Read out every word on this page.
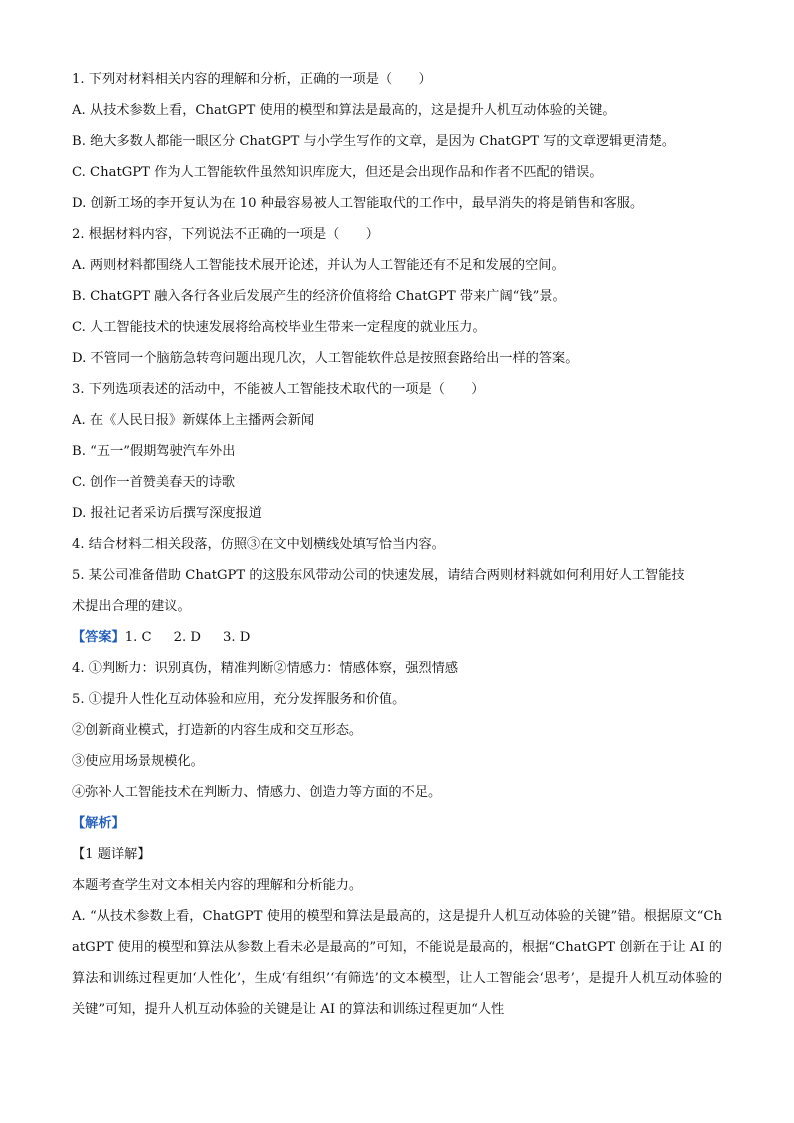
1. 下列对材料相关内容的理解和分析，正确的一项是（　　）
A. 从技术参数上看，ChatGPT 使用的模型和算法是最高的，这是提升人机互动体验的关键。
B. 绝大多数人都能一眼区分 ChatGPT 与小学生写作的文章，是因为 ChatGPT 写的文章逻辑更清楚。
C. ChatGPT 作为人工智能软件虽然知识库庞大，但还是会出现作品和作者不匹配的错误。
D. 创新工场的李开复认为在 10 种最容易被人工智能取代的工作中，最早消失的将是销售和客服。
2. 根据材料内容，下列说法不正确的一项是（　　）
A. 两则材料都围绕人工智能技术展开论述，并认为人工智能还有不足和发展的空间。
B. ChatGPT 融入各行各业后发展产生的经济价值将给 ChatGPT 带来广阔“钱”景。
C. 人工智能技术的快速发展将给高校毕业生带来一定程度的就业压力。
D. 不管同一个脑筋急转弯问题出现几次，人工智能软件总是按照套路给出一样的答案。
3. 下列选项表述的活动中，不能被人工智能技术取代的一项是（　　）
A. 在《人民日报》新媒体上主播两会新闻
B. “五一”假期驾驶汽车外出
C. 创作一首赞美春天的诗歌
D. 报社记者采访后撰写深度报道
4. 结合材料二相关段落，仿照③在文中划横线处填写恰当内容。
5. 某公司准备借助 ChatGPT 的这股东风带动公司的快速发展，请结合两则材料就如何利用好人工智能技
术提出合理的建议。
【答案】1. C 2. D 3. D
4. ①判断力：识别真伪，精准判断②情感力：情感体察，强烈情感
5. ①提升人性化互动体验和应用，充分发挥服务和价值。
②创新商业模式，打造新的内容生成和交互形态。
③使应用场景规模化。
④弥补人工智能技术在判断力、情感力、创造力等方面的不足。
【解析】
【1 题详解】
本题考查学生对文本相关内容的理解和分析能力。
A. “从技术参数上看，ChatGPT 使用的模型和算法是最高的，这是提升人机互动体验的关键”错。根据原文“ChatGPT 使用的模型和算法从参数上看未必是最高的”可知，不能说是最高的，根据“ChatGPT 创新在于让 AI 的算法和训练过程更加‘人性化’，生成‘有组织’‘有筛选’的文本模型，让人工智能会‘思考’，是提升人机互动体验的关键”可知，提升人机互动体验的关键是让 AI 的算法和训练过程更加“人性
